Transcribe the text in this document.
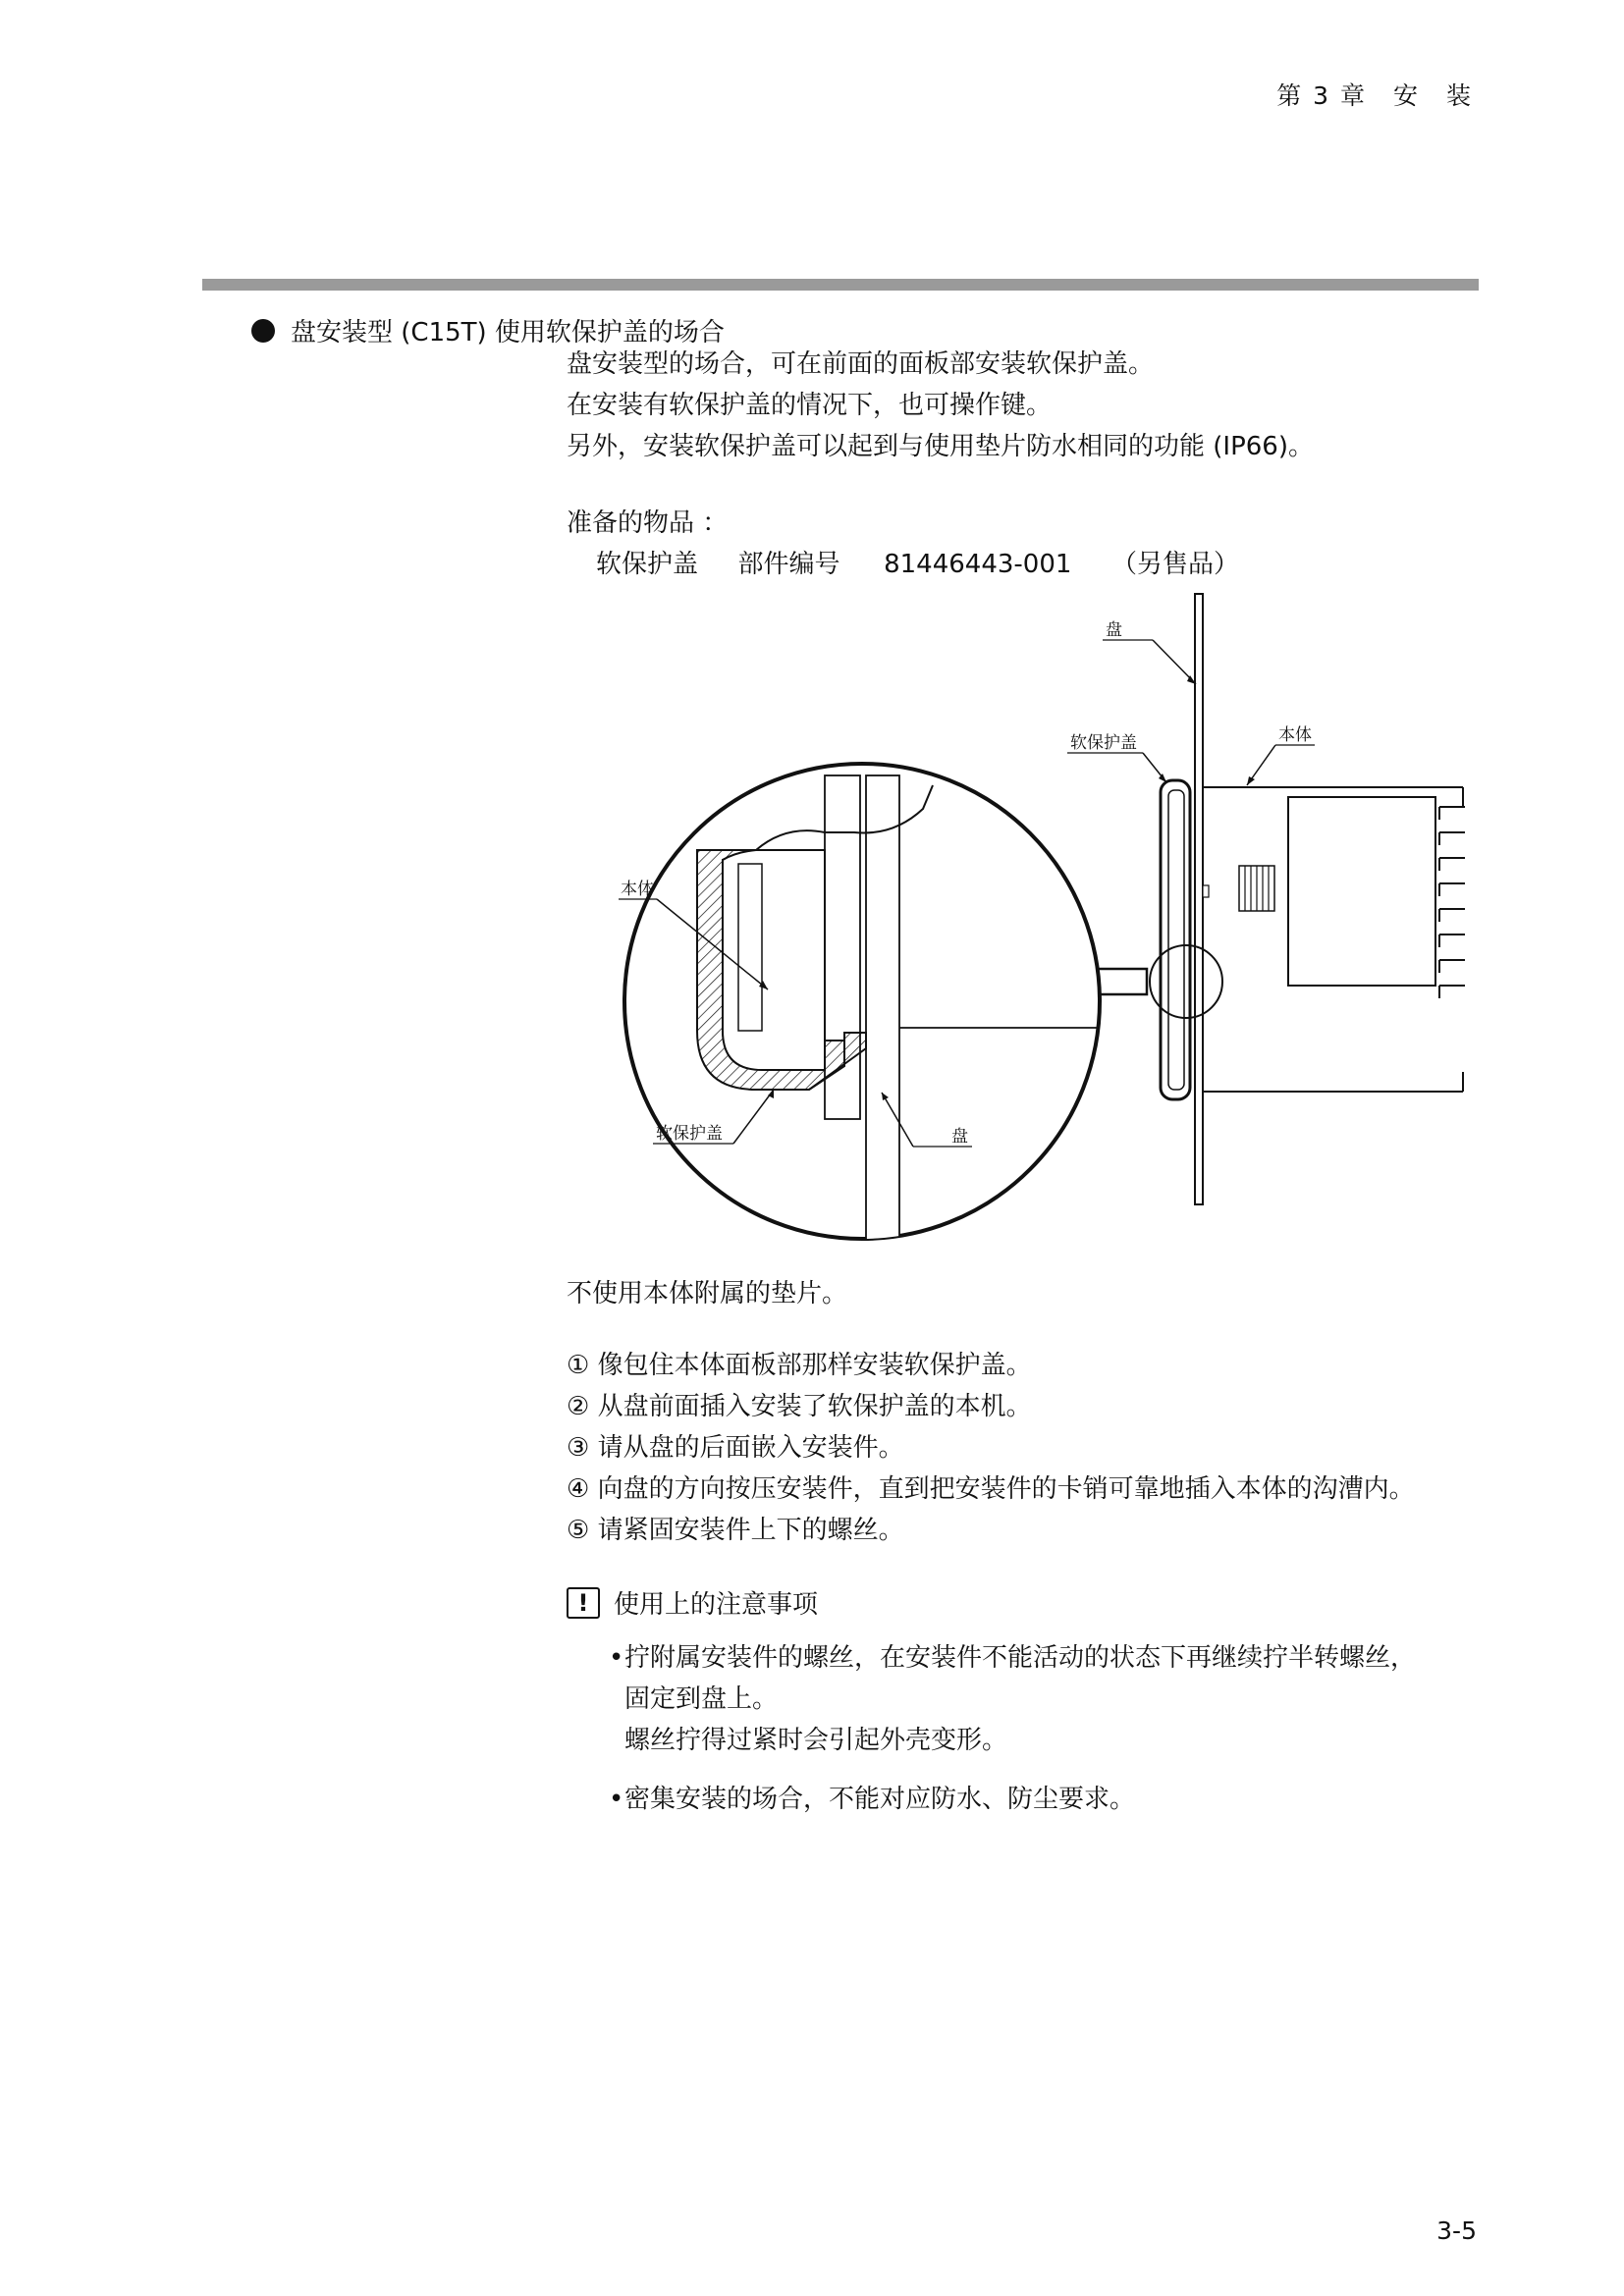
第 3 章　安　装
盘安装型 (C15T) 使用软保护盖的场合
盘安装型的场合，可在前面的面板部安装软保护盖。
在安装有软保护盖的情况下，也可操作键。
另外，安装软保护盖可以起到与使用垫片防水相同的功能 (IP66)。
准备的物品 ：
软保护盖 部件编号 81446443-001 （另售品）
盘
软保护盖	本体
本体
软保护盖	盘
不使用本体附属的垫片。
① 像包住本体面板部那样安装软保护盖。
② 从盘前面插入安装了软保护盖的本机。
③ 请从盘的后面嵌入安装件。
④ 向盘的方向按压安装件，直到把安装件的卡销可靠地插入本体的沟漕内。
⑤ 请紧固安装件上下的螺丝。
! 使用上的注意事项
• 拧附属安装件的螺丝，在安装件不能活动的状态下再继续拧半转螺丝，
固定到盘上。
螺丝拧得过紧时会引起外壳变形。
• 密集安装的场合，不能对应防水、防尘要求。
3-5
